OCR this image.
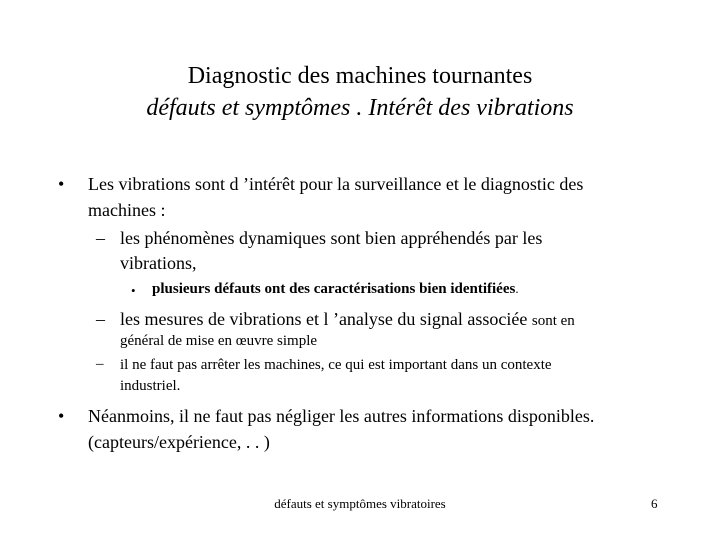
Diagnostic des machines tournantes
défauts et symptômes . Intérêt des vibrations
• Les vibrations sont d ’intérêt pour la surveillance et le diagnostic des
machines :
– les phénomènes dynamiques sont bien appréhendés par les
vibrations,
• plusieurs défauts ont des caractérisations bien identifiées.
– les mesures de vibrations et l ’analyse du signal associée sont en
général de mise en œuvre simple
– il ne faut pas arrêter les machines, ce qui est important dans un contexte
industriel.
• Néanmoins, il ne faut pas négliger les autres informations disponibles.
(capteurs/expérience, . . )
défauts et symptômes vibratoires	6
